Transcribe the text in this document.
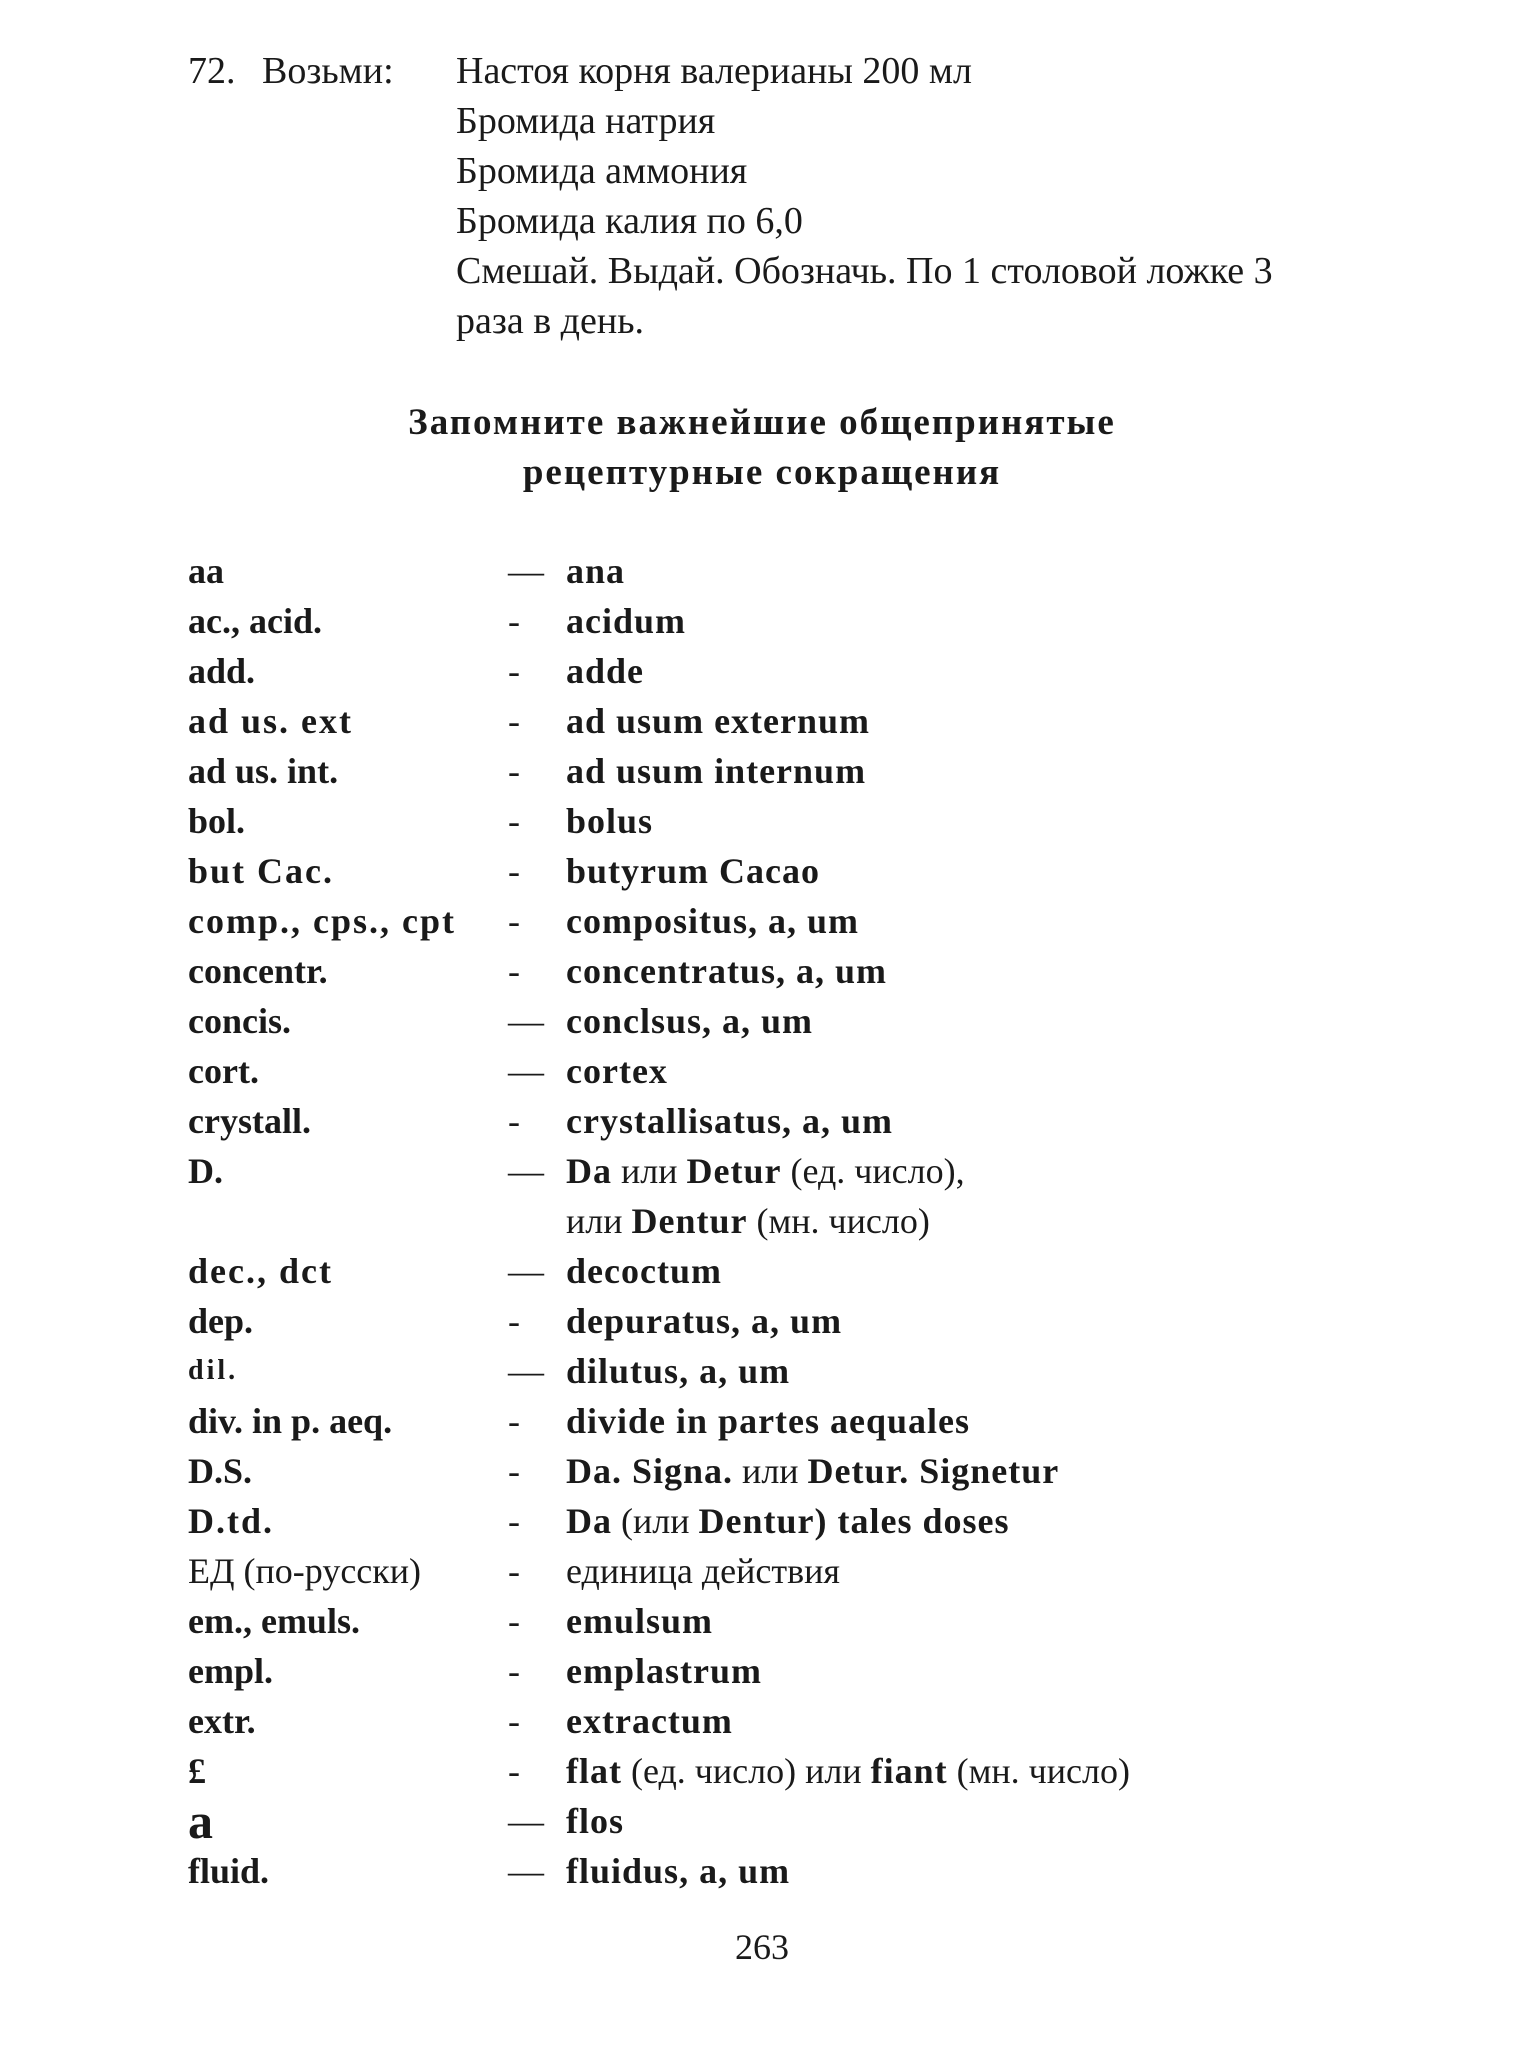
72. Возьми: Настоя корня валерианы 200 мл
Бромида натрия
Бромида аммония
Бромида калия по 6,0
Смешай. Выдай. Обозначь. По 1 столовой ложке 3
раза в день.
Запомните важнейшие общепринятые
рецептурные сокращения
aa	— ana
ac., acid.	- acidum
add.	- adde
ad us. ext	- ad usum externum
ad us. int.	- ad usum internum
bol.	- bolus
but Cac.	- butyrum Cacao
comp., cps., cpt - compositus, a, um
concentr.	- concentratus, a, um
concis.	— conclsus, a, um
cort.	— cortex
crystall.	- crystallisatus, a, um
D.	— Da или Detur (ед. число),
или Dentur (мн. число)
dec., dct	— decoctum
dep.	- depuratus, a, um
dil.	— dilutus, a, um
div. in p. aeq.	- divide in partes aequales
D.S.	- Da. Signa. или Detur. Signetur
D.td.	- Da (или Dentur) tales doses
ЕД (по-русски) - единица действия
em., emuls.	- emulsum
empl.	- emplastrum
extr.	- extractum
£	- flat (ед. число) или fiant (мн. число)
a	— flos
fluid.	— fluidus, a, um
263
